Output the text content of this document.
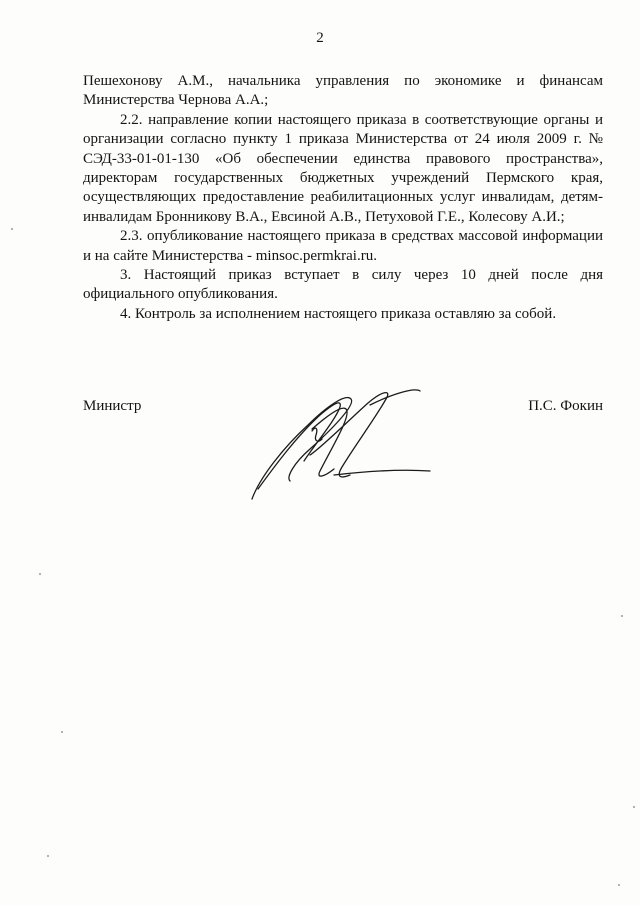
2

Пешехонову А.М., начальника управления по экономике и финансам Министерства Чернова А.А.;

2.2. направление копии настоящего приказа в соответствующие органы и организации согласно пункту 1 приказа Министерства от 24 июля 2009 г. № СЭД-33-01-01-130 «Об обеспечении единства правового пространства», директорам государственных бюджетных учреждений Пермского края, осуществляющих предоставление реабилитационных услуг инвалидам, детям-инвалидам Бронникову В.А., Евсиной А.В., Петуховой Г.Е., Колесову А.И.;

2.3. опубликование настоящего приказа в средствах массовой информации и на сайте Министерства - minsoc.permkrai.ru.

3. Настоящий приказ вступает в силу через 10 дней после дня официального опубликования.

4. Контроль за исполнением настоящего приказа оставляю за собой.

Министр	П.С. Фокин
